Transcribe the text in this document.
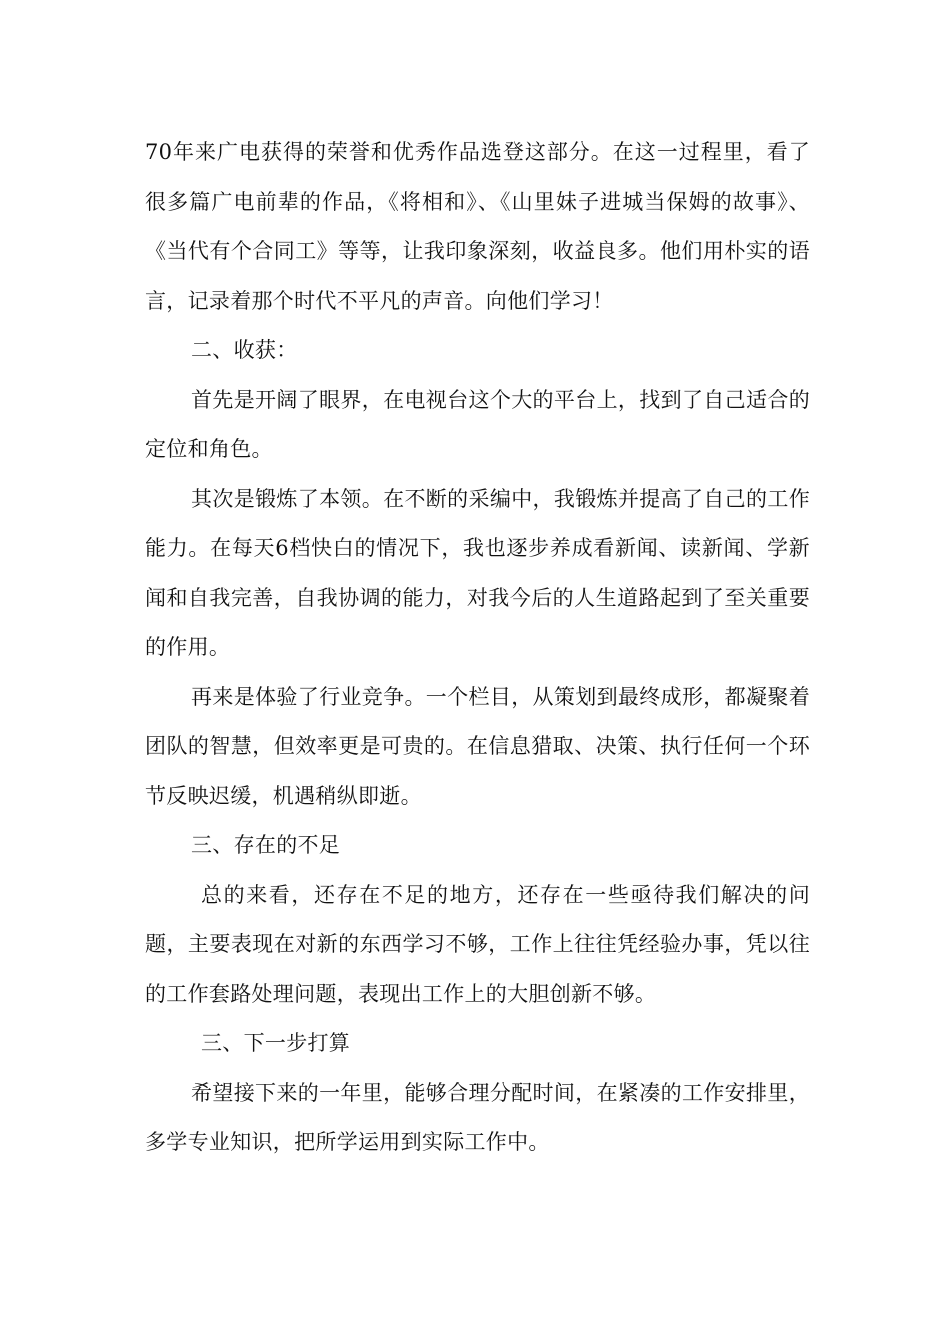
70年来广电获得的荣誉和优秀作品选登这部分。在这一过程里，看了很多篇广电前辈的作品，《将相和》、《山里妹子进城当保姆的故事》、《当代有个合同工》等等，让我印象深刻，收益良多。他们用朴实的语言，记录着那个时代不平凡的声音。向他们学习！

二、收获：

首先是开阔了眼界，在电视台这个大的平台上，找到了自己适合的定位和角色。

其次是锻炼了本领。在不断的采编中，我锻炼并提高了自己的工作能力。在每天6档快白的情况下，我也逐步养成看新闻、读新闻、学新闻和自我完善，自我协调的能力，对我今后的人生道路起到了至关重要的作用。

再来是体验了行业竞争。一个栏目，从策划到最终成形，都凝聚着团队的智慧，但效率更是可贵的。在信息猎取、决策、执行任何一个环节反映迟缓，机遇稍纵即逝。

三、存在的不足

总的来看，还存在不足的地方，还存在一些亟待我们解决的问题，主要表现在对新的东西学习不够，工作上往往凭经验办事，凭以往的工作套路处理问题，表现出工作上的大胆创新不够。

三、下一步打算

希望接下来的一年里，能够合理分配时间，在紧凑的工作安排里，多学专业知识，把所学运用到实际工作中。
